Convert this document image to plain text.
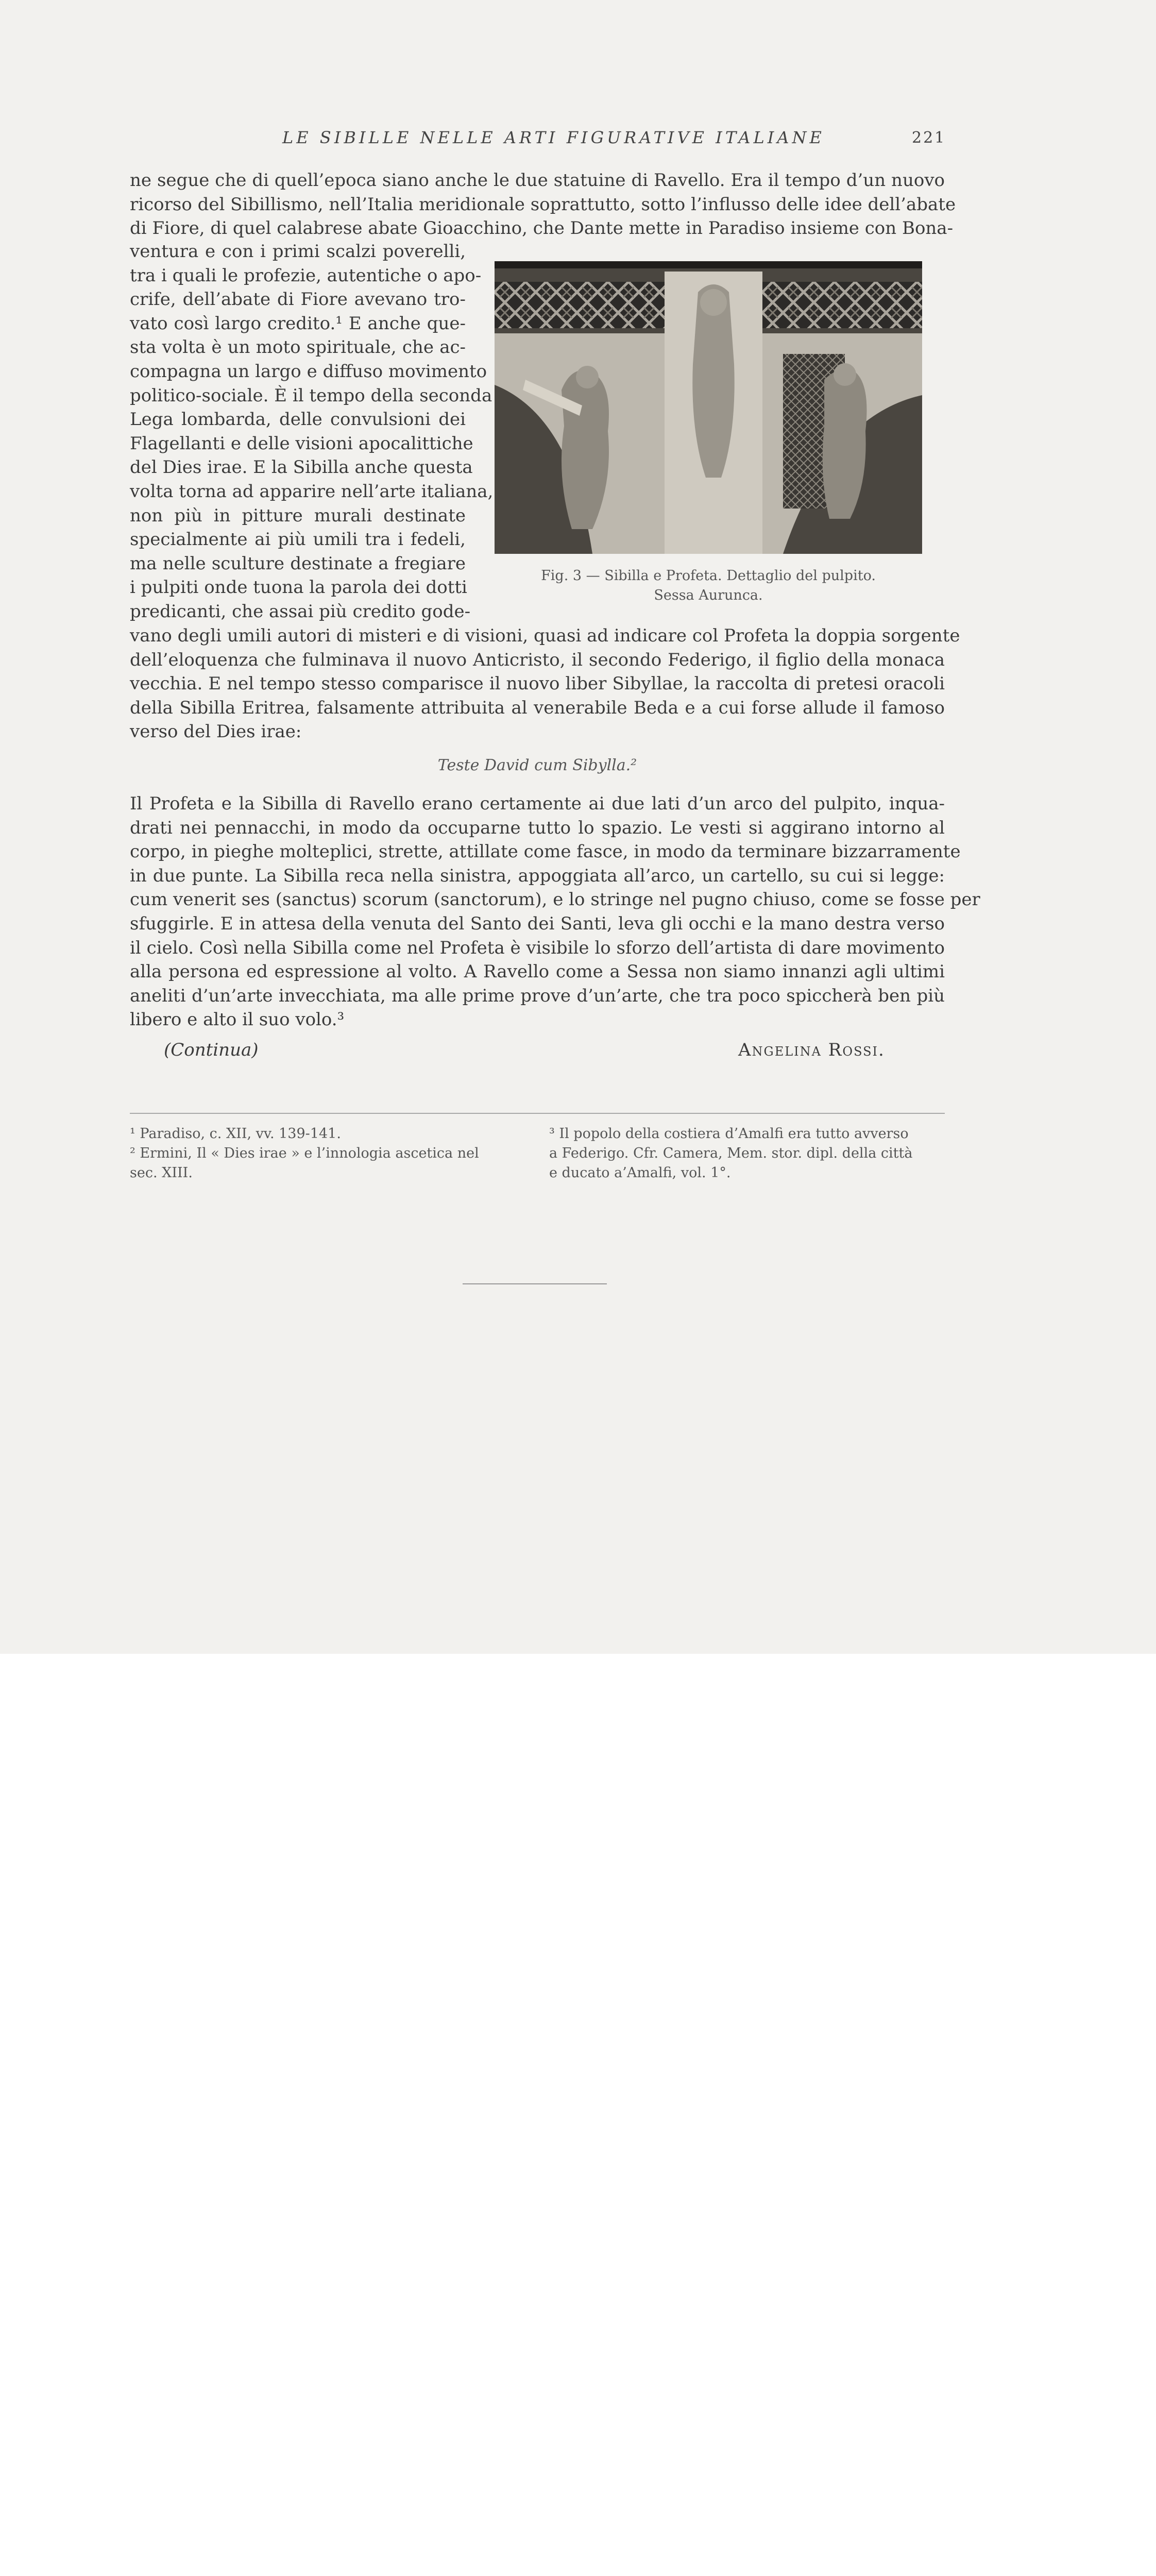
LE SIBILLE NELLE ARTI FIGURATIVE ITALIANE	221
ne segue che di quell’epoca siano anche le due statuine di Ravello. Era il tempo d’un nuovo
ricorso del Sibillismo, nell’Italia meridionale soprattutto, sotto l’influsso delle idee dell’abate
di Fiore, di quel calabrese abate Gioacchino, che Dante mette in Paradiso insieme con Bona-
ventura e con i primi scalzi poverelli,
tra i quali le profezie, autentiche o apo-
crife, dell’abate di Fiore avevano tro-
vato così largo credito.¹ E anche que-
sta volta è un moto spirituale, che ac-
compagna un largo e diffuso movimento
politico-sociale. È il tempo della seconda
Lega lombarda, delle convulsioni dei
Flagellanti e delle visioni apocalittiche
del Dies irae. E la Sibilla anche questa
volta torna ad apparire nell’arte italiana,
non più in pitture murali destinate
specialmente ai più umili tra i fedeli,
ma nelle sculture destinate a fregiare
i pulpiti onde tuona la parola dei dotti
predicanti, che assai più credito gode-
Fig. 3 — Sibilla e Profeta. Dettaglio del pulpito.
Sessa Aurunca.
vano degli umili autori di misteri e di visioni, quasi ad indicare col Profeta la doppia sorgente
dell’eloquenza che fulminava il nuovo Anticristo, il secondo Federigo, il figlio della monaca
vecchia. E nel tempo stesso comparisce il nuovo liber Sibyllae, la raccolta di pretesi oracoli
della Sibilla Eritrea, falsamente attribuita al venerabile Beda e a cui forse allude il famoso
verso del Dies irae:
Teste David cum Sibylla.²
Il Profeta e la Sibilla di Ravello erano certamente ai due lati d’un arco del pulpito, inqua-
drati nei pennacchi, in modo da occuparne tutto lo spazio. Le vesti si aggirano intorno al
corpo, in pieghe molteplici, strette, attillate come fasce, in modo da terminare bizzarramente
in due punte. La Sibilla reca nella sinistra, appoggiata all’arco, un cartello, su cui si legge:
cum venerit ses (sanctus) scorum (sanctorum), e lo stringe nel pugno chiuso, come se fosse per
sfuggirle. E in attesa della venuta del Santo dei Santi, leva gli occhi e la mano destra verso
il cielo. Così nella Sibilla come nel Profeta è visibile lo sforzo dell’artista di dare movimento
alla persona ed espressione al volto. A Ravello come a Sessa non siamo innanzi agli ultimi
aneliti d’un’arte invecchiata, ma alle prime prove d’un’arte, che tra poco spiccherà ben più
libero e alto il suo volo.³
(Continua)	Angelina Rossi.
¹ Paradiso, c. XII, vv. 139-141.
² Ermini, Il « Dies irae » e l’innologia ascetica nel
sec. XIII.
³ Il popolo della costiera d’Amalfi era tutto avverso
a Federigo. Cfr. Camera, Mem. stor. dipl. della città
e ducato a’Amalfi, vol. 1°.
